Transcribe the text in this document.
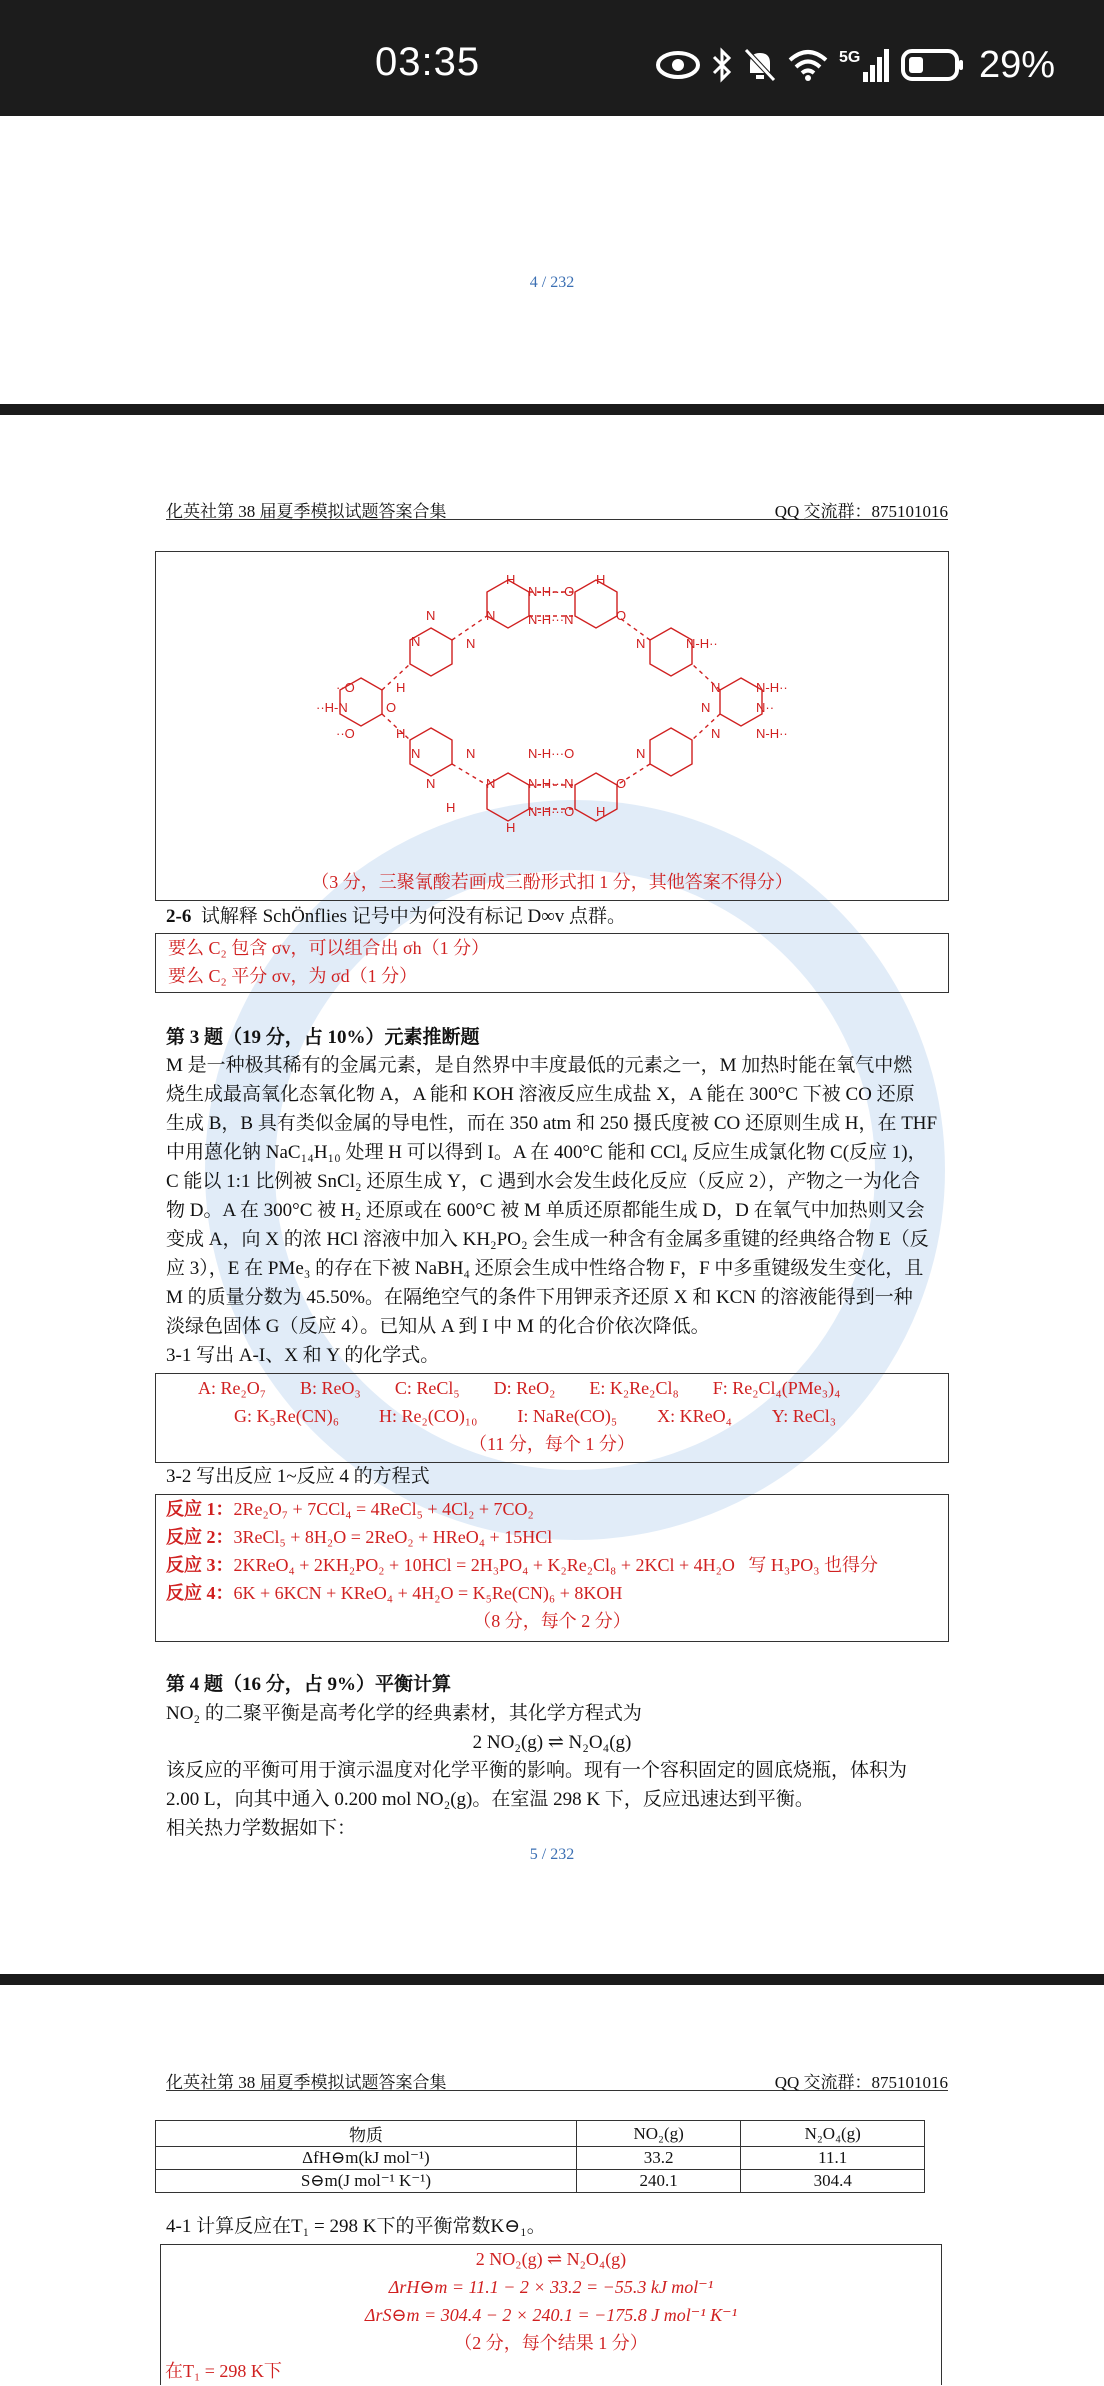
03:35	5G	29%
4 / 232
化英社第 38 届夏季模拟试题答案合集	QQ 交流群：875101016
H
N-H···O
H
N	N	N-H···N	O
N	N	N	N-H··
··O	H	N	N-H··
··H-N	O	N	N··
··O	H	N	N-H··
N	N	N-H···O	N
N	N	N-H···N	O
H	N-H···O H
H
（3 分，三聚氰酸若画成三酚形式扣 1 分，其他答案不得分）
2-6 试解释 SchÖnflies 记号中为何没有标记 D∞v 点群。
要么 C₂ 包含 σv，可以组合出 σh（1 分）
要么 C₂ 平分 σv，为 σd（1 分）
第 3 题（19 分，占 10%）元素推断题
M 是一种极其稀有的金属元素，是自然界中丰度最低的元素之一，M 加热时能在氧气中燃
烧生成最高氧化态氧化物 A，A 能和 KOH 溶液反应生成盐 X，A 能在 300°C 下被 CO 还原
生成 B，B 具有类似金属的导电性，而在 350 atm 和 250 摄氏度被 CO 还原则生成 H，在 THF
中用蒽化钠 NaC₁₄H₁₀ 处理 H 可以得到 I。A 在 400°C 能和 CCl₄ 反应生成氯化物 C(反应 1)，
C 能以 1:1 比例被 SnCl₂ 还原生成 Y，C 遇到水会发生歧化反应（反应 2），产物之一为化合
物 D。A 在 300°C 被 H₂ 还原或在 600°C 被 M 单质还原都能生成 D，D 在氧气中加热则又会
变成 A，向 X 的浓 HCl 溶液中加入 KH₂PO₂ 会生成一种含有金属多重键的经典络合物 E（反
应 3），E 在 PMe₃ 的存在下被 NaBH₄ 还原会生成中性络合物 F，F 中多重键级发生变化，且
M 的质量分数为 45.50%。在隔绝空气的条件下用钾汞齐还原 X 和 KCN 的溶液能得到一种
淡绿色固体 G（反应 4）。已知从 A 到 I 中 M 的化合价依次降低。
3-1 写出 A-I、X 和 Y 的化学式。
A: Re₂O₇ B: ReO₃ C: ReCl₅ D: ReO₂ E: K₂Re₂Cl₈ F: Re₂Cl₄(PMe₃)₄
G: K₅Re(CN)₆ H: Re₂(CO)₁₀ I: NaRe(CO)₅ X: KReO₄ Y: ReCl₃
（11 分，每个 1 分）
3-2 写出反应 1~反应 4 的方程式
反应 1：2Re₂O₇ + 7CCl₄ = 4ReCl₅ + 4Cl₂ + 7CO₂
反应 2：3ReCl₅ + 8H₂O = 2ReO₂ + HReO₄ + 15HCl
反应 3：2KReO₄ + 2KH₂PO₂ + 10HCl = 2H₃PO₄ + K₂Re₂Cl₈ + 2KCl + 4H₂O 写 H₃PO₃ 也得分
反应 4：6K + 6KCN + KReO₄ + 4H₂O = K₅Re(CN)₆ + 8KOH
（8 分，每个 2 分）
第 4 题（16 分，占 9%）平衡计算
NO₂ 的二聚平衡是高考化学的经典素材，其化学方程式为
2 NO₂(g) ⇌ N₂O₄(g)
该反应的平衡可用于演示温度对化学平衡的影响。现有一个容积固定的圆底烧瓶，体积为
2.00 L，向其中通入 0.200 mol NO₂(g)。在室温 298 K 下，反应迅速达到平衡。
相关热力学数据如下：
5 / 232
化英社第 38 届夏季模拟试题答案合集	QQ 交流群：875101016
物质	NO₂(g)	N₂O₄(g)
ΔfH⊖m(kJ mol⁻¹)	33.2	11.1
S⊖m(J mol⁻¹ K⁻¹)	240.1	304.4
4-1 计算反应在T₁ = 298 K下的平衡常数K⊖₁。
2 NO₂(g) ⇌ N₂O₄(g)
ΔrH⊖m = 11.1 − 2 × 33.2 = −55.3 kJ mol⁻¹
ΔrS⊖m = 304.4 − 2 × 240.1 = −175.8 J mol⁻¹ K⁻¹
（2 分，每个结果 1 分）
在T₁ = 298 K下
